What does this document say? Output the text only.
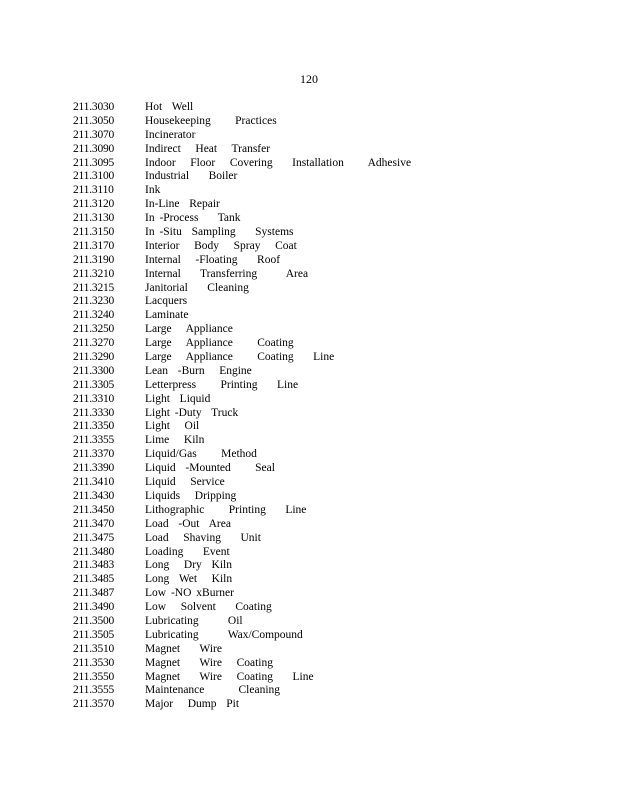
120
211.3030	Hot  Well
211.3050	Housekeeping     Practices
211.3070	Incinerator
211.3090	Indirect   Heat   Transfer
211.3095	Indoor   Floor   Covering    Installation     Adhesive
211.3100	Industrial    Boiler
211.3110	Ink
211.3120	In-Line  Repair
211.3130	In -Process    Tank
211.3150	In -Situ  Sampling    Systems
211.3170	Interior   Body   Spray   Coat
211.3190	Internal   -Floating    Roof
211.3210	Internal    Transferring      Area
211.3215	Janitorial    Cleaning
211.3230	Lacquers
211.3240	Laminate
211.3250	Large   Appliance
211.3270	Large   Appliance     Coating
211.3290	Large   Appliance     Coating    Line
211.3300	Lean  -Burn   Engine
211.3305	Letterpress     Printing    Line
211.3310	Light  Liquid
211.3330	Light -Duty  Truck
211.3350	Light   Oil
211.3355	Lime   Kiln
211.3370	Liquid/Gas     Method
211.3390	Liquid  -Mounted     Seal
211.3410	Liquid   Service
211.3430	Liquids   Dripping
211.3450	Lithographic     Printing    Line
211.3470	Load  -Out  Area
211.3475	Load   Shaving    Unit
211.3480	Loading    Event
211.3483	Long   Dry  Kiln
211.3485	Long  Wet   Kiln
211.3487	Low -NO xBurner
211.3490	Low   Solvent    Coating
211.3500	Lubricating      Oil
211.3505	Lubricating      Wax/Compound
211.3510	Magnet    Wire
211.3530	Magnet    Wire   Coating
211.3550	Magnet    Wire   Coating    Line
211.3555	Maintenance       Cleaning
211.3570	Major   Dump  Pit
